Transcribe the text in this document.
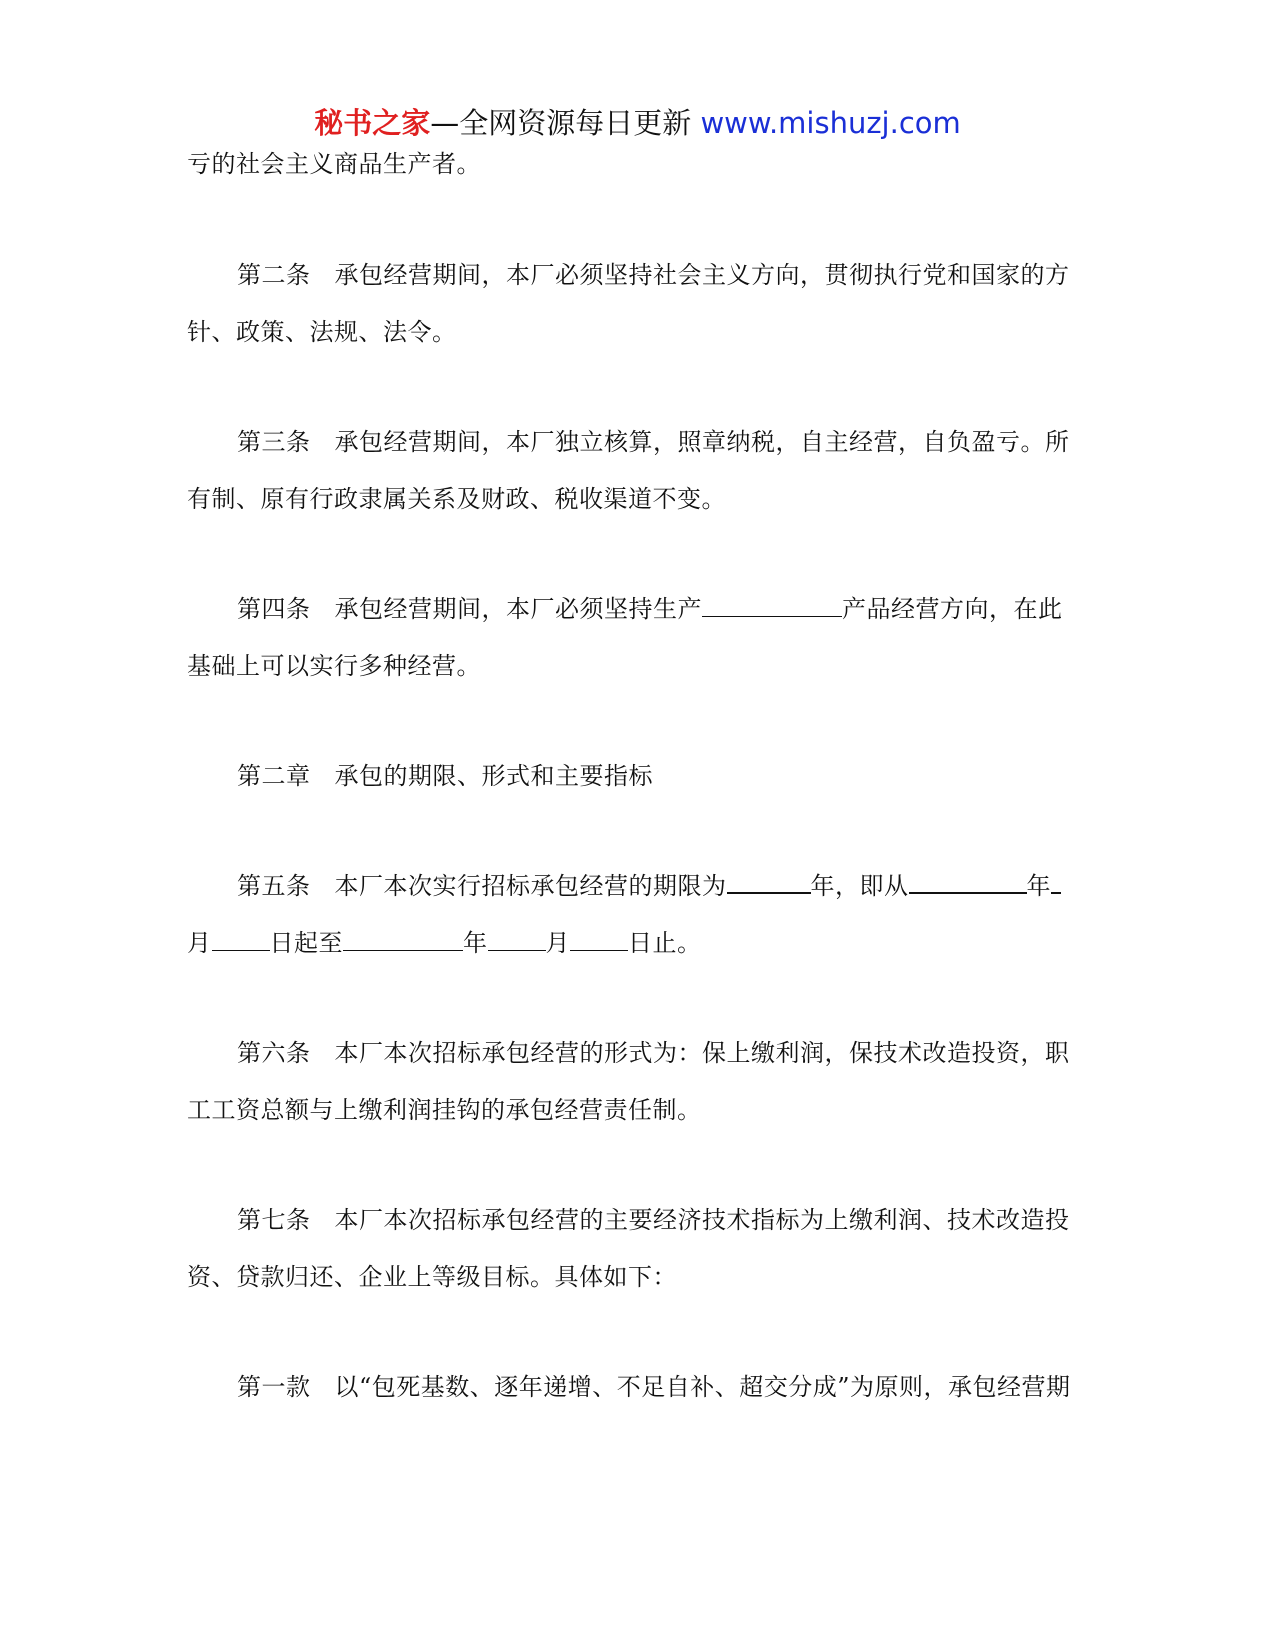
秘书之家—全网资源每日更新 www.mishuzj.com
亏的社会主义商品生产者。
第二条 承包经营期间，本厂必须坚持社会主义方向，贯彻执行党和国家的方
针、政策、法规、法令。
第三条 承包经营期间，本厂独立核算，照章纳税，自主经营，自负盈亏。所
有制、原有行政隶属关系及财政、税收渠道不变。
第四条 承包经营期间，本厂必须坚持生产	产品经营方向，在此
基础上可以实行多种经营。
第二章 承包的期限、形式和主要指标
第五条 本厂本次实行招标承包经营的期限为	年，即从	年
月 日起至	年 月 日止。
第六条 本厂本次招标承包经营的形式为：保上缴利润，保技术改造投资，职
工工资总额与上缴利润挂钩的承包经营责任制。
第七条 本厂本次招标承包经营的主要经济技术指标为上缴利润、技术改造投
资、贷款归还、企业上等级目标。具体如下：
第一款 以“包死基数、逐年递增、不足自补、超交分成”为原则，承包经营期
